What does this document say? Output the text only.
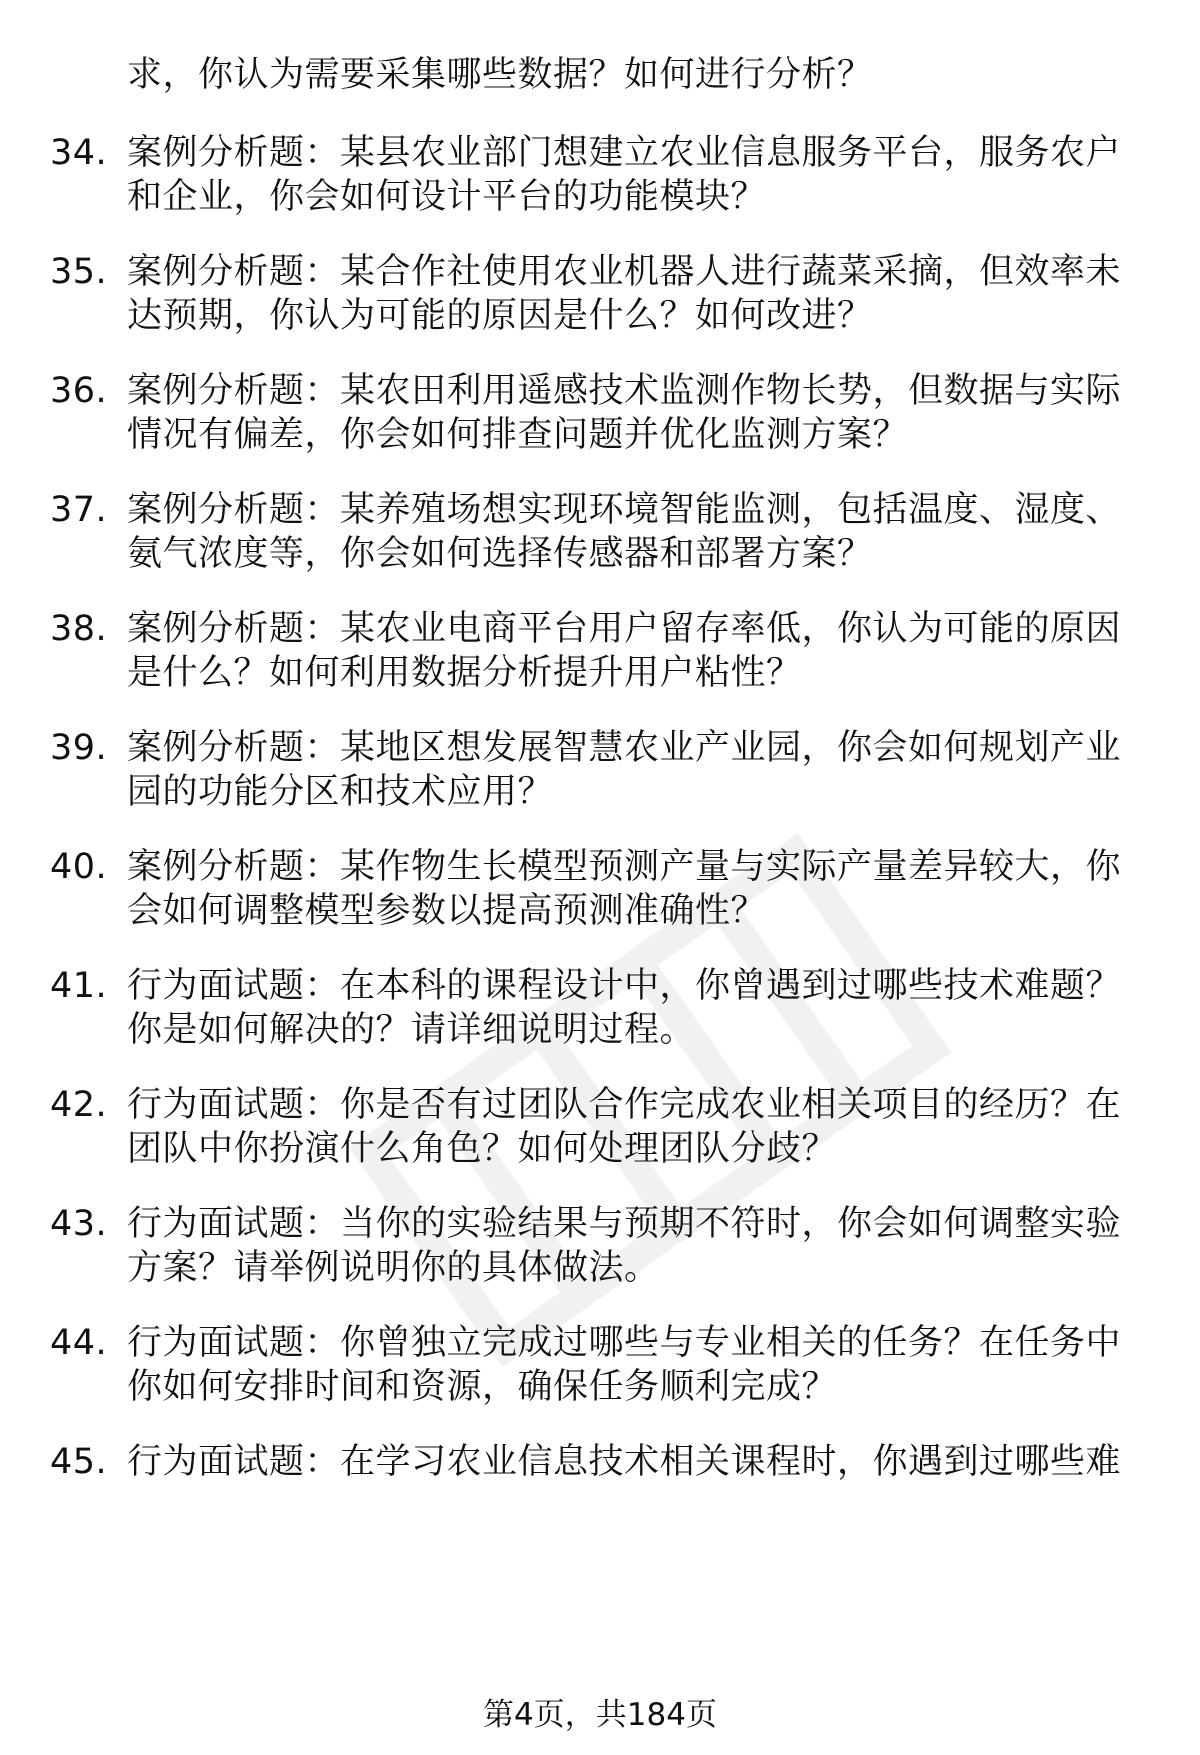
求，你认为需要采集哪些数据？如何进行分析？
34. 案例分析题：某县农业部门想建立农业信息服务平台，服务农户
和企业，你会如何设计平台的功能模块？
35. 案例分析题：某合作社使用农业机器人进行蔬菜采摘，但效率未
达预期，你认为可能的原因是什么？如何改进？
36. 案例分析题：某农田利用遥感技术监测作物长势，但数据与实际
情况有偏差，你会如何排查问题并优化监测方案？
37. 案例分析题：某养殖场想实现环境智能监测，包括温度、湿度、
氨气浓度等，你会如何选择传感器和部署方案？
38. 案例分析题：某农业电商平台用户留存率低，你认为可能的原因
是什么？如何利用数据分析提升用户粘性？
39. 案例分析题：某地区想发展智慧农业产业园，你会如何规划产业
园的功能分区和技术应用？
40. 案例分析题：某作物生长模型预测产量与实际产量差异较大，你
会如何调整模型参数以提高预测准确性？
41. 行为面试题：在本科的课程设计中，你曾遇到过哪些技术难题？
你是如何解决的？请详细说明过程。
42. 行为面试题：你是否有过团队合作完成农业相关项目的经历？在
团队中你扮演什么角色？如何处理团队分歧？
43. 行为面试题：当你的实验结果与预期不符时，你会如何调整实验
方案？请举例说明你的具体做法。
44. 行为面试题：你曾独立完成过哪些与专业相关的任务？在任务中
你如何安排时间和资源，确保任务顺利完成？
45. 行为面试题：在学习农业信息技术相关课程时，你遇到过哪些难
第4页，共184页
